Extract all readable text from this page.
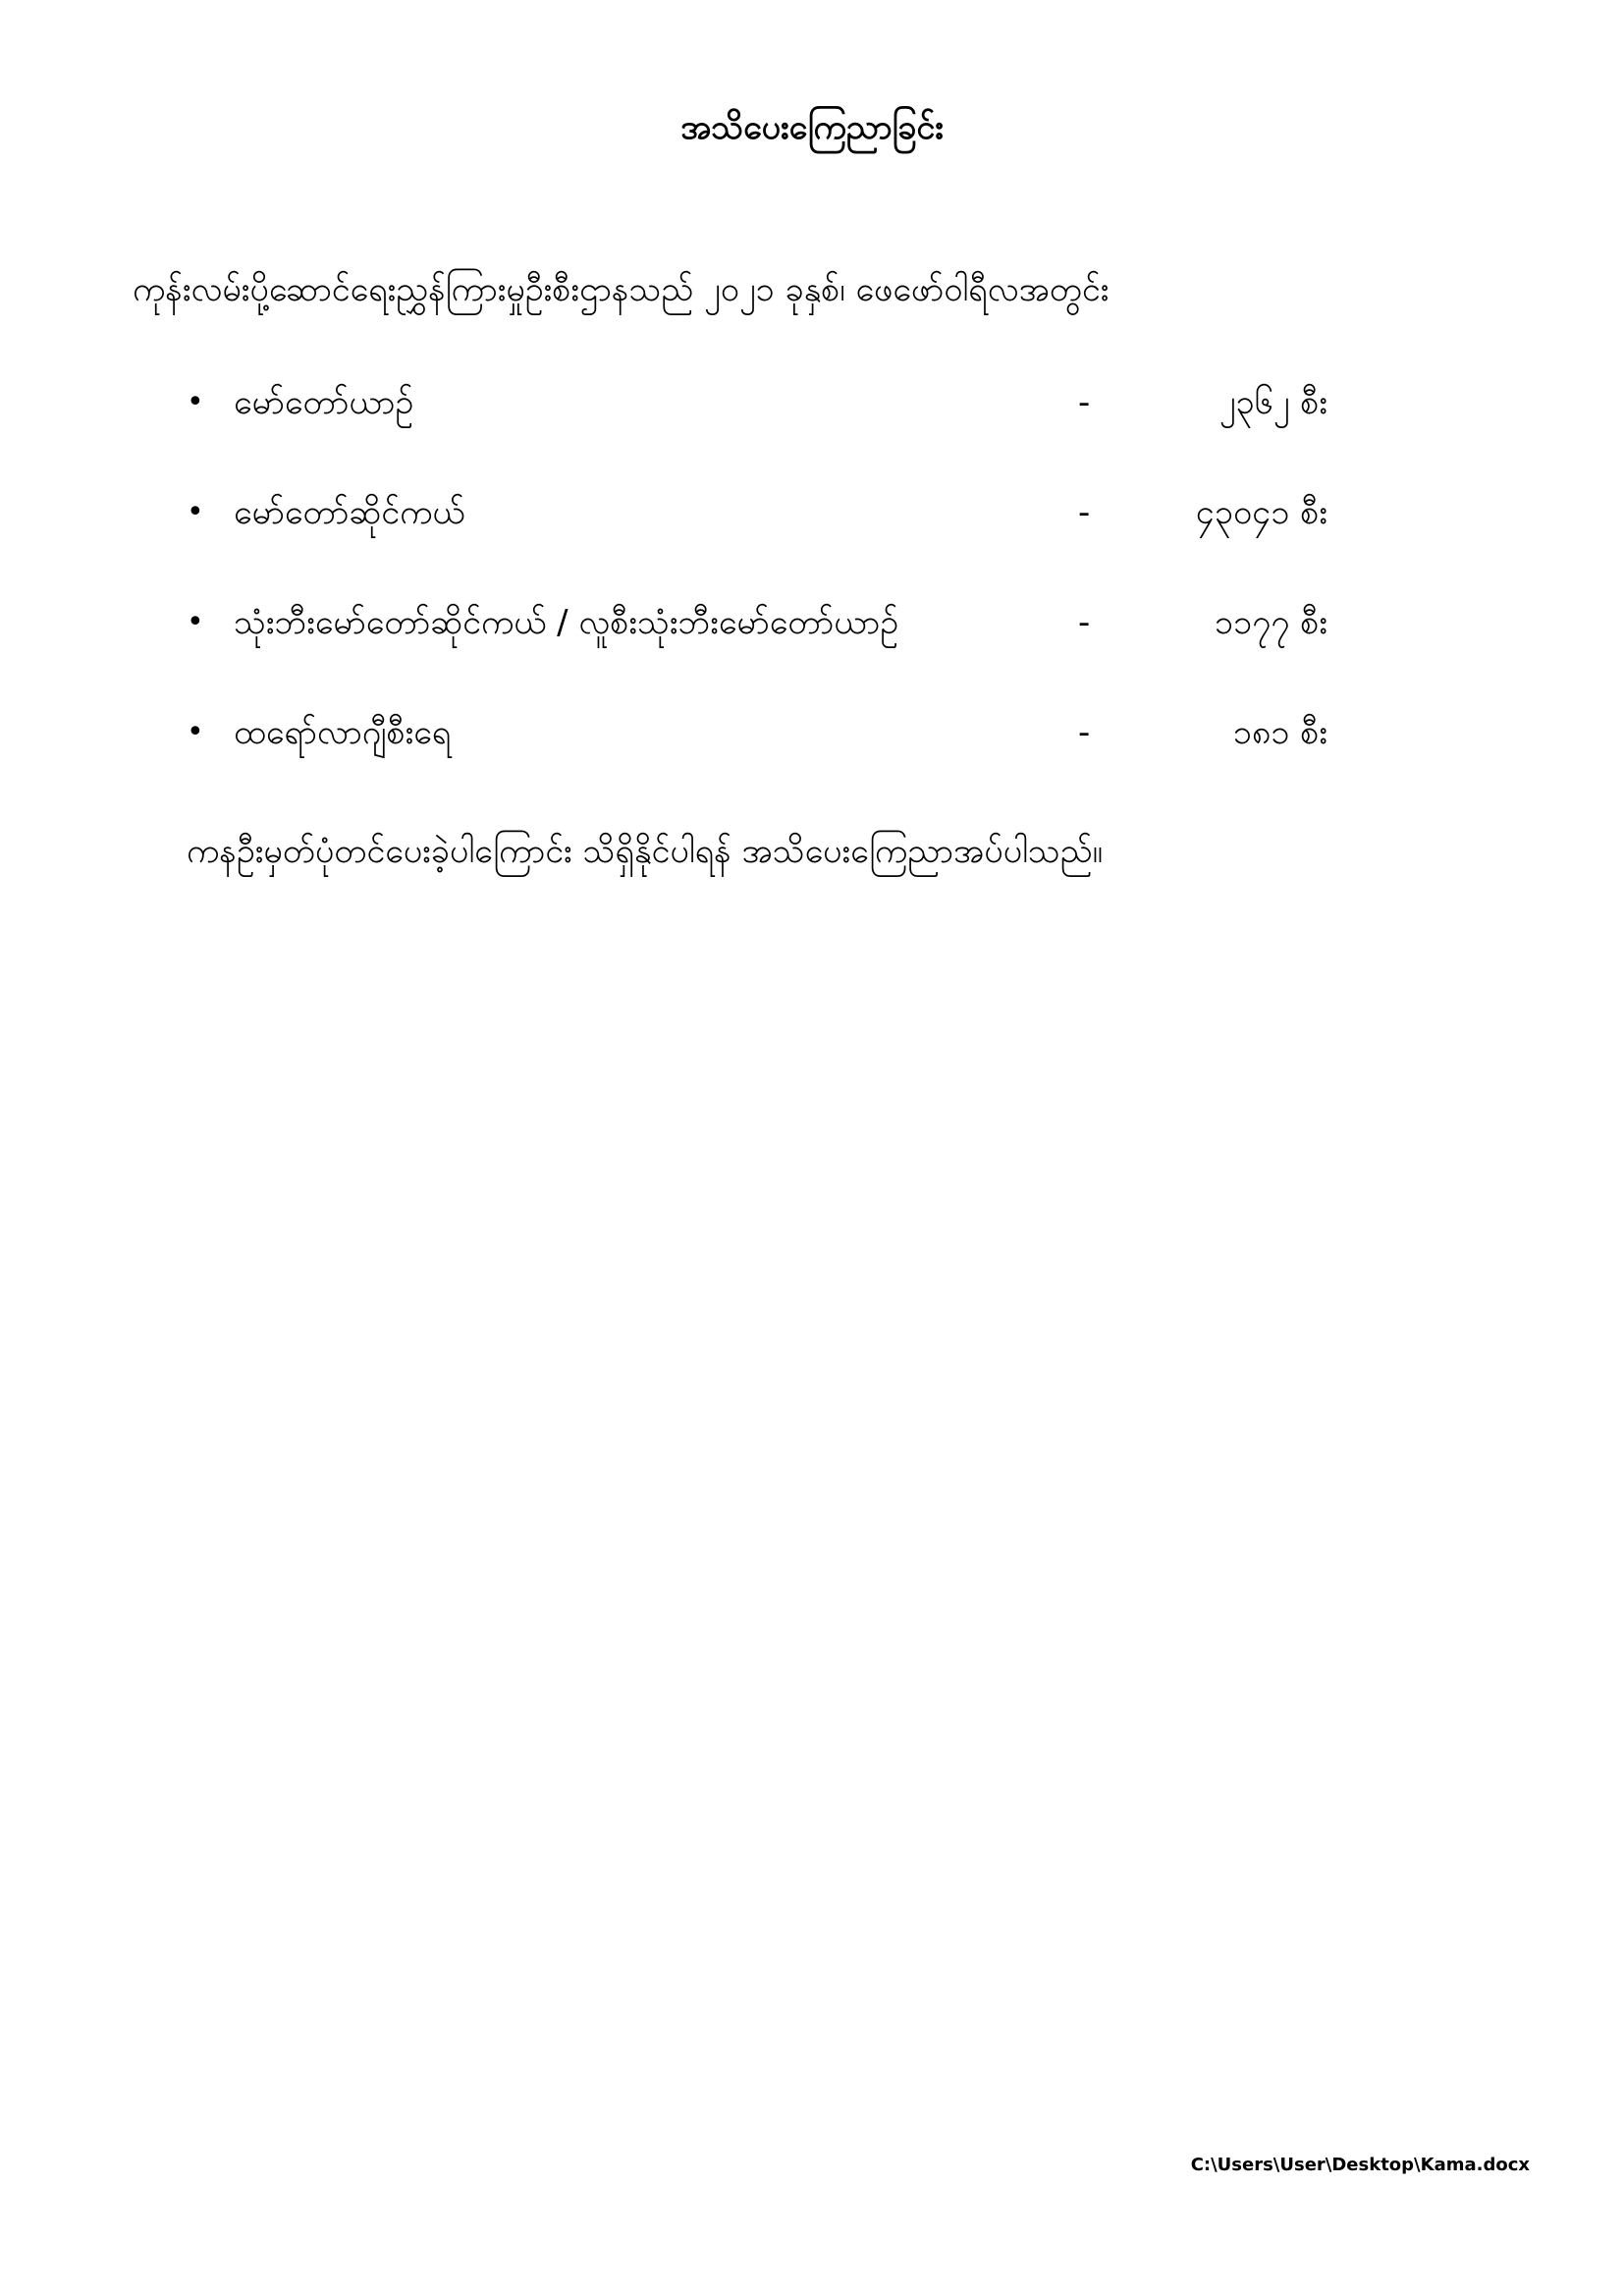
အသိပေးကြေညာခြင်း
ကုန်းလမ်းပို့ဆောင်ရေးညွှန်ကြားမှုဦးစီးဌာနသည် ၂၀၂၁ ခုနှစ်၊ ဖေဖော်ဝါရီလအတွင်း
• မော်တော်ယာဉ်	-	၂၃၆၂ စီး
• မော်တော်ဆိုင်ကယ်	-	၄၃၀၄၁ စီး
• သုံးဘီးမော်တော်ဆိုင်ကယ် / လူစီးသုံးဘီးမော်တော်ယာဉ်	-	၁၁၇၇ စီး
• ထရော်လာဂျီစီးရေ	-	၁၈၁ စီး
ကနဦးမှတ်ပုံတင်ပေးခဲ့ပါကြောင်း သိရှိနိုင်ပါရန် အသိပေးကြေညာအပ်ပါသည်။
C:\Users\User\Desktop\Kama.docx
